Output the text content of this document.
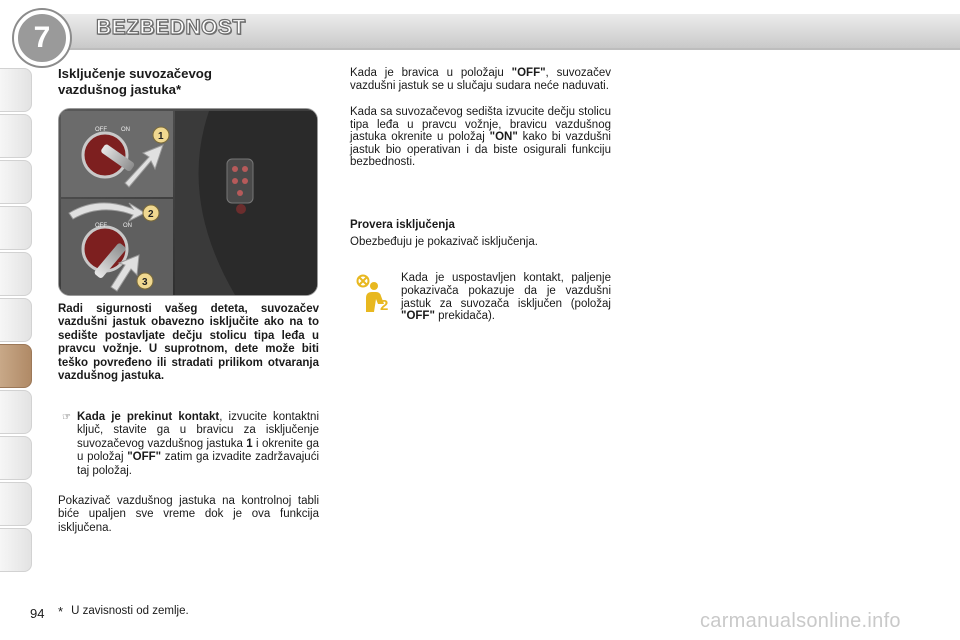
7	BEZBEDNOST
Isključenje suvozačevog
vazdušnog jastuka*
OFF ON
1
2
OFF	ON
3
Radi sigurnosti vašeg deteta, suvozačev vazdušni jastuk obavezno isključite ako na to sedište postavljate dečju stolicu tipa leđa u pravcu vožnje. U suprotnom, dete može biti teško povređeno ili stradati prilikom otvaranja vazdušnog jastuka.
☞ Kada je prekinut kontakt, izvucite kontaktni ključ, stavite ga u bravicu za isključenje suvozačevog vazdušnog jastuka 1 i okrenite ga u položaj "OFF" zatim ga izvadite zadržavajući taj položaj.
Pokazivač vazdušnog jastuka na kontrolnoj tabli biće upaljen sve vreme dok je ova funkcija isključena.
Kada je bravica u položaju "OFF", suvozačev vazdušni jastuk se u slučaju sudara neće naduvati.
Kada sa suvozačevog sedišta izvucite dečju stolicu tipa leđa u pravcu vožnje, bravicu vazdušnog jastuka okrenite u položaj "ON" kako bi vazdušni jastuk bio operativan i da biste osigurali funkciju bezbednosti.
Provera isključenja
Obezbeđuju je pokazivač isključenja.
2
Kada je uspostavljen kontakt, paljenje pokazivača pokazuje da je vazdušni jastuk za suvozača isključen (položaj "OFF" prekidača).
94 * U zavisnosti od zemlje.	carmanualsonline.info
